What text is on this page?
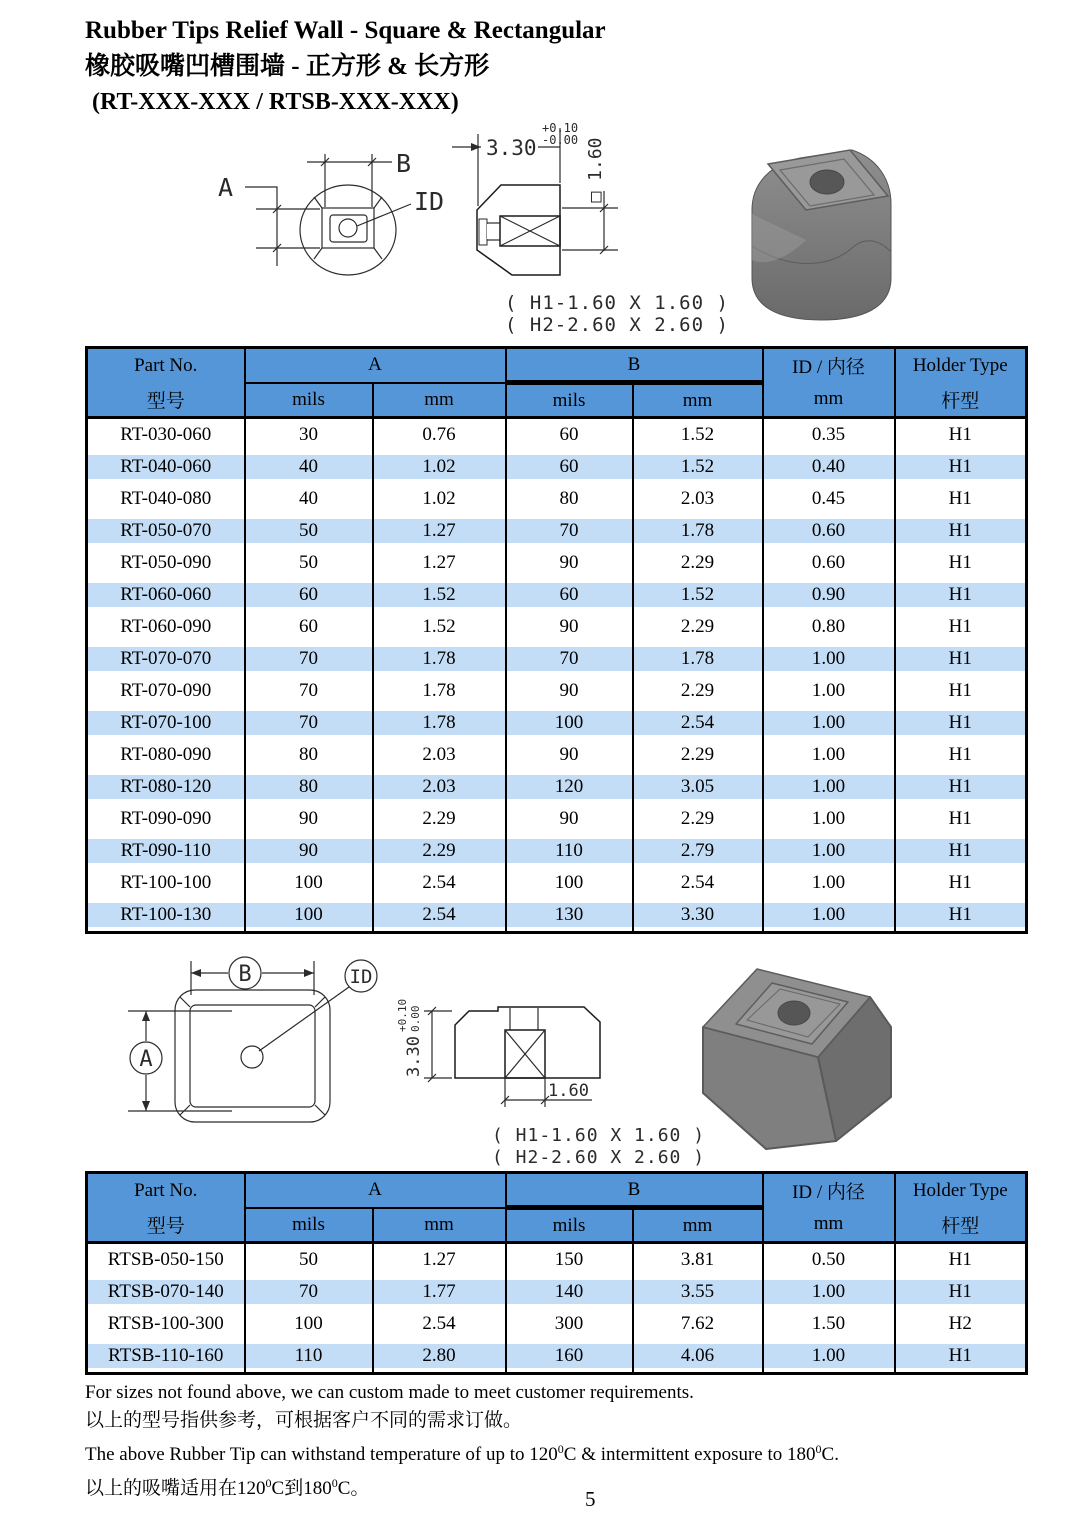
Rubber Tips Relief Wall - Square & Rectangular
橡胶吸嘴凹槽围墙 - 正方形 & 长方形
(RT-XXX-XXX / RTSB-XXX-XXX)
B
A	ID
3.30
+0.10
-0.00 □ 1.60
( H1-1.60 X 1.60 )
( H2-2.60 X 2.60 )
Part No.	A		B		ID / 内径	Holder Type
型号	mils	mm	mils	mm	mm	杆型
RT-030-060	30	0.76	60	1.52	0.35	H1
RT-040-060	40	1.02	60	1.52	0.40	H1
RT-040-080	40	1.02	80	2.03	0.45	H1
RT-050-070	50	1.27	70	1.78	0.60	H1
RT-050-090	50	1.27	90	2.29	0.60	H1
RT-060-060	60	1.52	60	1.52	0.90	H1
RT-060-090	60	1.52	90	2.29	0.80	H1
RT-070-070	70	1.78	70	1.78	1.00	H1
RT-070-090	70	1.78	90	2.29	1.00	H1
RT-070-100	70	1.78	100	2.54	1.00	H1
RT-080-090	80	2.03	90	2.29	1.00	H1
RT-080-120	80	2.03	120	3.05	1.00	H1
RT-090-090	90	2.29	90	2.29	1.00	H1
RT-090-110	90	2.29	110	2.79	1.00	H1
RT-100-100	100	2.54	100	2.54	1.00	H1
RT-100-130	100	2.54	130	3.30	1.00	H1
B
A
ID
3.30
+0.10 0.00
1.60
( H1-1.60 X 1.60 )
( H2-2.60 X 2.60 )
Part No.	A		B		ID / 内径	Holder Type
型号	mils	mm	mils	mm	mm	杆型
RTSB-050-150	50	1.27	150	3.81	0.50	H1
RTSB-070-140	70	1.77	140	3.55	1.00	H1
RTSB-100-300	100	2.54	300	7.62	1.50	H2
RTSB-110-160	110	2.80	160	4.06	1.00	H1
For sizes not found above, we can custom made to meet customer requirements.
以上的型号指供参考，可根据客户不同的需求订做。
The above Rubber Tip can withstand temperature of up to $120^0C$ & intermittent exposure to $180^0C$.
以上的吸嘴适用在$120^0C$到$180^0C$。	5
